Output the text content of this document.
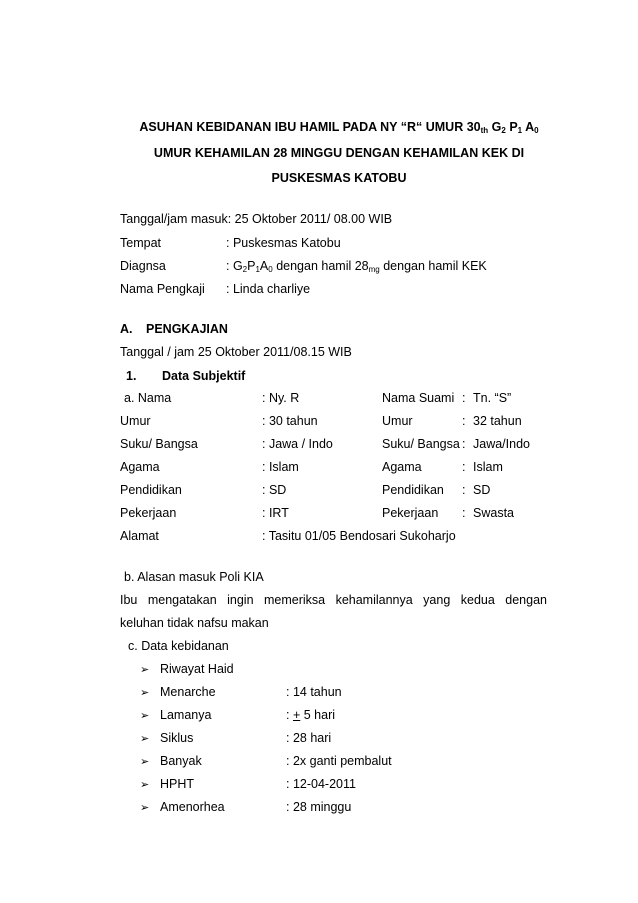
ASUHAN KEBIDANAN IBU HAMIL PADA NY “R“ UMUR $30_{th}$ $G_2$ $P_1$ $A_0$
UMUR KEHAMILAN 28 MINGGU DENGAN KEHAMILAN KEK DI
PUSKESMAS KATOBU
Tanggal/jam masuk: 25 Oktober 2011/ 08.00 WIB
Tempat	: Puskesmas Katobu
Diagnsa	: $G_2P_1A_0$ dengan hamil $28_{mg}$ dengan hamil KEK
Nama Pengkaji : Linda charliye
A. PENGKAJIAN
Tanggal / jam 25 Oktober 2011/08.15 WIB
1. Data Subjektif
a. Nama	: Ny. R	Nama Suami : Tn. “S”
Umur	: 30 tahun	Umur	: 32 tahun
Suku/ Bangsa	: Jawa / Indo	Suku/ Bangsa : Jawa/Indo
Agama	: Islam	Agama	: Islam
Pendidikan	: SD	Pendidikan : SD
Pekerjaan	: IRT	Pekerjaan : Swasta
Alamat	: Tasitu 01/05 Bendosari Sukoharjo
b. Alasan masuk Poli KIA
Ibu mengatakan ingin memeriksa kehamilannya yang kedua dengan
keluhan tidak nafsu makan
c. Data kebidanan
➢ Riwayat Haid
➢ Menarche	: 14 tahun
➢ Lamanya	: + 5 hari
➢ Siklus	: 28 hari
➢ Banyak	: 2x ganti pembalut
➢ HPHT	: 12-04-2011
➢ Amenorhea	: 28 minggu
